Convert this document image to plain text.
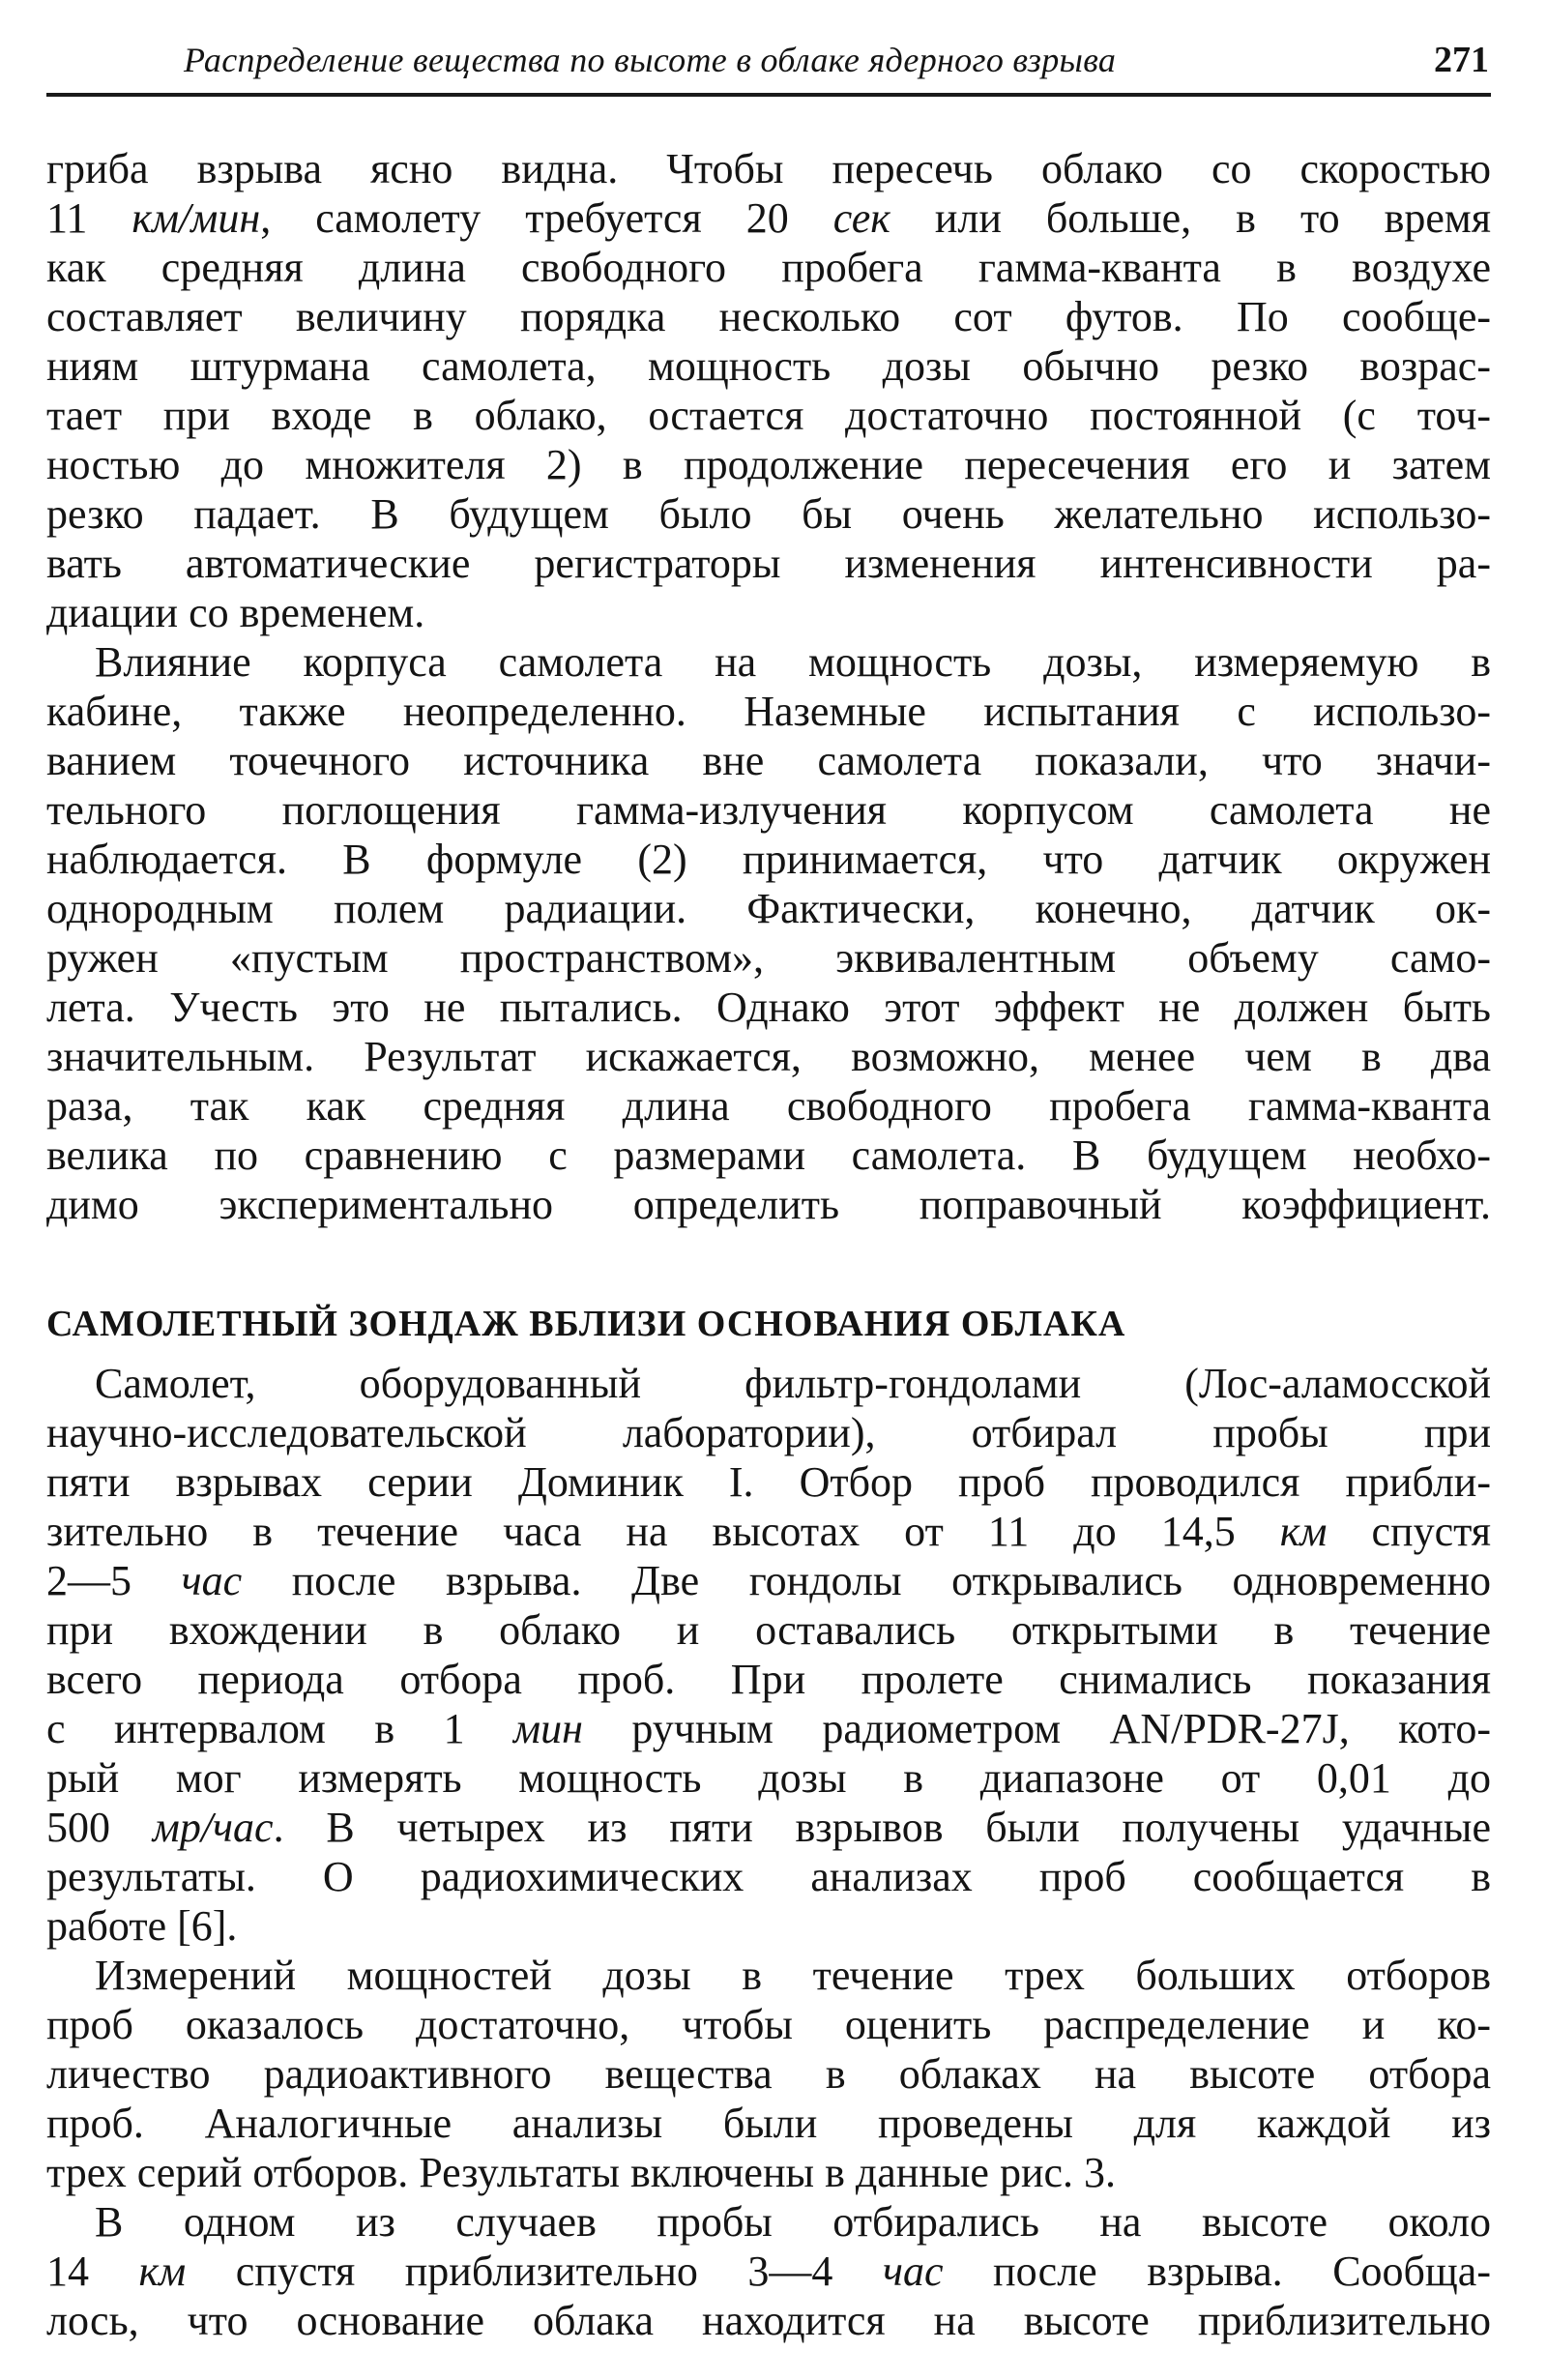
Распределение вещества по высоте в облаке ядерного взрыва	271
гриба взрыва ясно видна. Чтобы пересечь облако со скоростью
11 км/мин, самолету требуется 20 сек или больше, в то время
как средняя длина свободного пробега гамма-кванта в воздухе
составляет величину порядка несколько сот футов. По сообще-
ниям штурмана самолета, мощность дозы обычно резко возрас-
тает при входе в облако, остается достаточно постоянной (с точ-
ностью до множителя 2) в продолжение пересечения его и затем
резко падает. В будущем было бы очень желательно использо-
вать автоматические регистраторы изменения интенсивности ра-
диации со временем.
Влияние корпуса самолета на мощность дозы, измеряемую в
кабине, также неопределенно. Наземные испытания с использо-
ванием точечного источника вне самолета показали, что значи-
тельного поглощения гамма-излучения корпусом самолета не
наблюдается. В формуле (2) принимается, что датчик окружен
однородным полем радиации. Фактически, конечно, датчик ок-
ружен «пустым пространством», эквивалентным объему само-
лета. Учесть это не пытались. Однако этот эффект не должен быть
значительным. Результат искажается, возможно, менее чем в два
раза, так как средняя длина свободного пробега гамма-кванта
велика по сравнению с размерами самолета. В будущем необхо-
димо экспериментально определить поправочный коэффициент.
САМОЛЕТНЫЙ ЗОНДАЖ ВБЛИЗИ ОСНОВАНИЯ ОБЛАКА
Самолет, оборудованный фильтр-гондолами (Лос-аламосской
научно-исследовательской лаборатории), отбирал пробы при
пяти взрывах серии Доминик I. Отбор проб проводился прибли-
зительно в течение часа на высотах от 11 до 14,5 км спустя
2—5 час после взрыва. Две гондолы открывались одновременно
при вхождении в облако и оставались открытыми в течение
всего периода отбора проб. При пролете снимались показания
с интервалом в 1 мин ручным радиометром AN/PDR-27J, кото-
рый мог измерять мощность дозы в диапазоне от 0,01 до
500 мр/час. В четырех из пяти взрывов были получены удачные
результаты. О радиохимических анализах проб сообщается в
работе [6].
Измерений мощностей дозы в течение трех больших отборов
проб оказалось достаточно, чтобы оценить распределение и ко-
личество радиоактивного вещества в облаках на высоте отбора
проб. Аналогичные анализы были проведены для каждой из
трех серий отборов. Результаты включены в данные рис. 3.
В одном из случаев пробы отбирались на высоте около
14 км спустя приблизительно 3—4 час после взрыва. Сообща-
лось, что основание облака находится на высоте приблизительно
